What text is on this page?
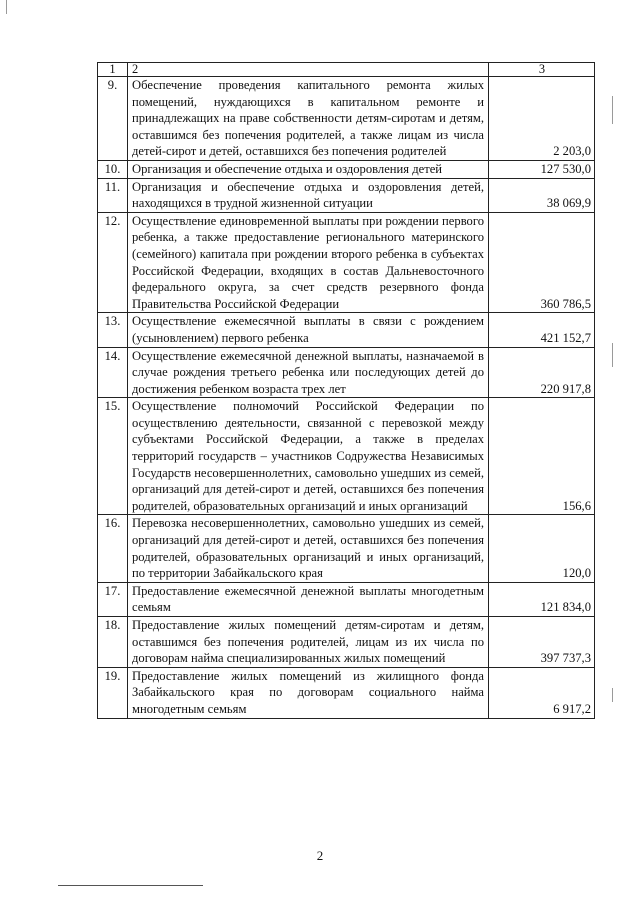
1	2	3
9.	Обеспечение проведения капитального ремонта жилых помещений, нуждающихся в капитальном ремонте и принадлежащих на праве собственности детям-сиротам и детям, оставшимся без попечения родителей, а также лицам из числа детей-сирот и детей, оставшихся без попечения родителей	2 203,0
10.	Организация и обеспечение отдыха и оздоровления детей	127 530,0
11.	Организация и обеспечение отдыха и оздоровления детей, находящихся в трудной жизненной ситуации	38 069,9
12.	Осуществление единовременной выплаты при рождении первого ребенка, а также предоставление регионального материнского (семейного) капитала при рождении второго ребенка в субъектах Российской Федерации, входящих в состав Дальневосточного федерального округа, за счет средств резервного фонда Правительства Российской Федерации	360 786,5
13.	Осуществление ежемесячной выплаты в связи с рождением (усыновлением) первого ребенка	421 152,7
14.	Осуществление ежемесячной денежной выплаты, назначаемой в случае рождения третьего ребенка или последующих детей до достижения ребенком возраста трех лет	220 917,8
15.	Осуществление полномочий Российской Федерации по осуществлению деятельности, связанной с перевозкой между субъектами Российской Федерации, а также в пределах территорий государств – участников Содружества Независимых Государств несовершеннолетних, самовольно ушедших из семей, организаций для детей-сирот и детей, оставшихся без попечения родителей, образовательных организаций и иных организаций	156,6
16.	Перевозка несовершеннолетних, самовольно ушедших из семей, организаций для детей-сирот и детей, оставшихся без попечения родителей, образовательных организаций и иных организаций, по территории Забайкальского края	120,0
17.	Предоставление ежемесячной денежной выплаты многодетным семьям	121 834,0
18.	Предоставление жилых помещений детям-сиротам и детям, оставшимся без попечения родителей, лицам из их числа по договорам найма специализированных жилых помещений	397 737,3
19.	Предоставление жилых помещений из жилищного фонда Забайкальского края по договорам социального найма многодетным семьям	6 917,2
2
